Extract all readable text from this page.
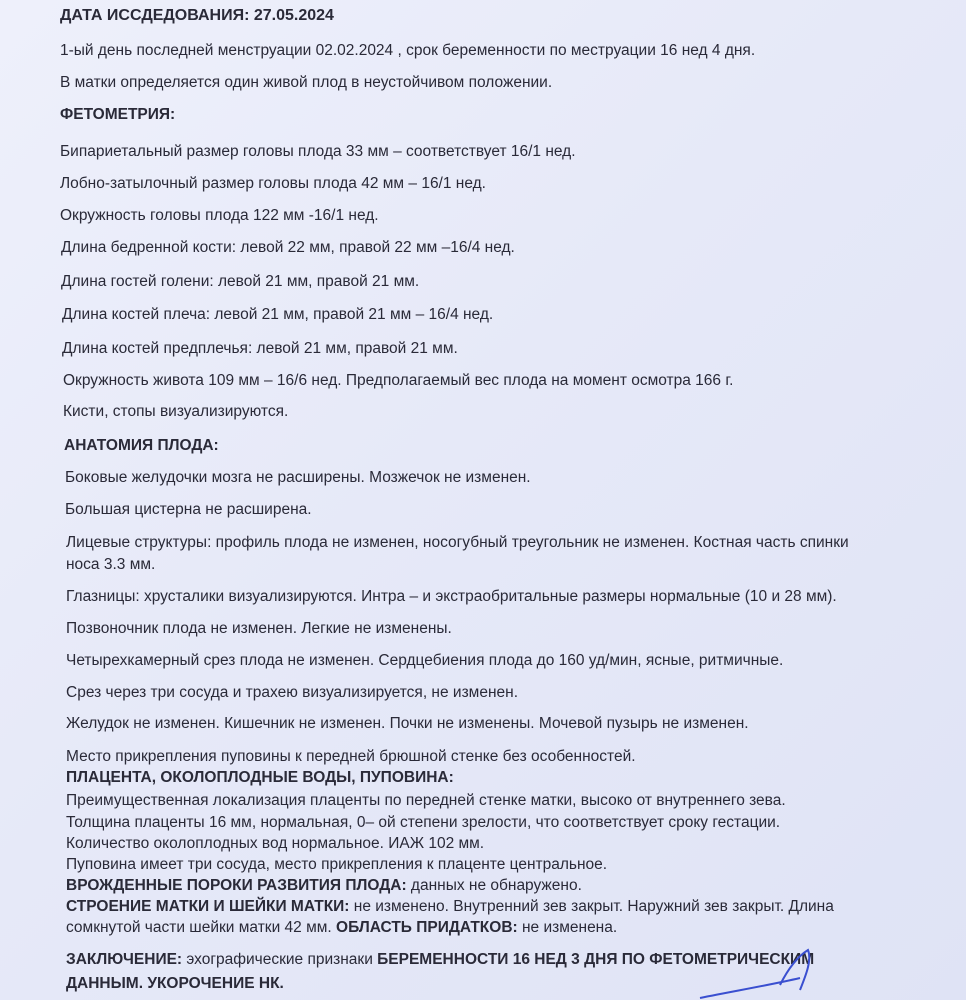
ДАТА ИССДЕДОВАНИЯ: 27.05.2024
1-ый день последней менструации 02.02.2024 , срок беременности по меструации 16 нед 4 дня.
В матки определяется один живой плод в неустойчивом положении.
ФЕТОМЕТРИЯ:
Бипариетальный размер головы плода 33 мм – соответствует 16/1 нед.
Лобно-затылочный размер головы плода 42 мм – 16/1 нед.
Окружность головы плода 122 мм -16/1 нед.
Длина бедренной кости: левой 22 мм, правой 22 мм –16/4 нед.
Длина гостей голени: левой 21 мм, правой 21 мм.
Длина костей плеча: левой 21 мм, правой 21 мм – 16/4 нед.
Длина костей предплечья: левой 21 мм, правой 21 мм.
Окружность живота 109 мм – 16/6 нед. Предполагаемый вес плода на момент осмотра 166 г.
Кисти, стопы визуализируются.
АНАТОМИЯ ПЛОДА:
Боковые желудочки мозга не расширены. Мозжечок не изменен.
Большая цистерна не расширена.
Лицевые структуры: профиль плода не изменен, носогубный треугольник не изменен. Костная часть спинки
носа 3.3 мм.
Глазницы: хрусталики визуализируются. Интра – и экстраобритальные размеры нормальные (10 и 28 мм).
Позвоночник плода не изменен. Легкие не изменены.
Четырехкамерный срез плода не изменен. Сердцебиения плода до 160 уд/мин, ясные, ритмичные.
Срез через три сосуда и трахею визуализируется, не изменен.
Желудок не изменен. Кишечник не изменен. Почки не изменены. Мочевой пузырь не изменен.
Место прикрепления пуповины к передней брюшной стенке без особенностей.
ПЛАЦЕНТА, ОКОЛОПЛОДНЫЕ ВОДЫ, ПУПОВИНА:
Преимущественная локализация плаценты по передней стенке матки, высоко от внутреннего зева.
Толщина плаценты 16 мм, нормальная, 0– ой степени зрелости, что соответствует сроку гестации.
Количество околоплодных вод нормальное. ИАЖ 102 мм.
Пуповина имеет три сосуда, место прикрепления к плаценте центральное.
ВРОЖДЕННЫЕ ПОРОКИ РАЗВИТИЯ ПЛОДА: данных не обнаружено.
СТРОЕНИЕ МАТКИ И ШЕЙКИ МАТКИ: не изменено. Внутренний зев закрыт. Наружний зев закрыт. Длина
сомкнутой части шейки матки 42 мм. ОБЛАСТЬ ПРИДАТКОВ: не изменена.
ЗАКЛЮЧЕНИЕ: эхографические признаки БЕРЕМЕННОСТИ 16 НЕД 3 ДНЯ ПО ФЕТОМЕТРИЧЕСКИМ
ДАННЫМ. УКОРОЧЕНИЕ НК.
